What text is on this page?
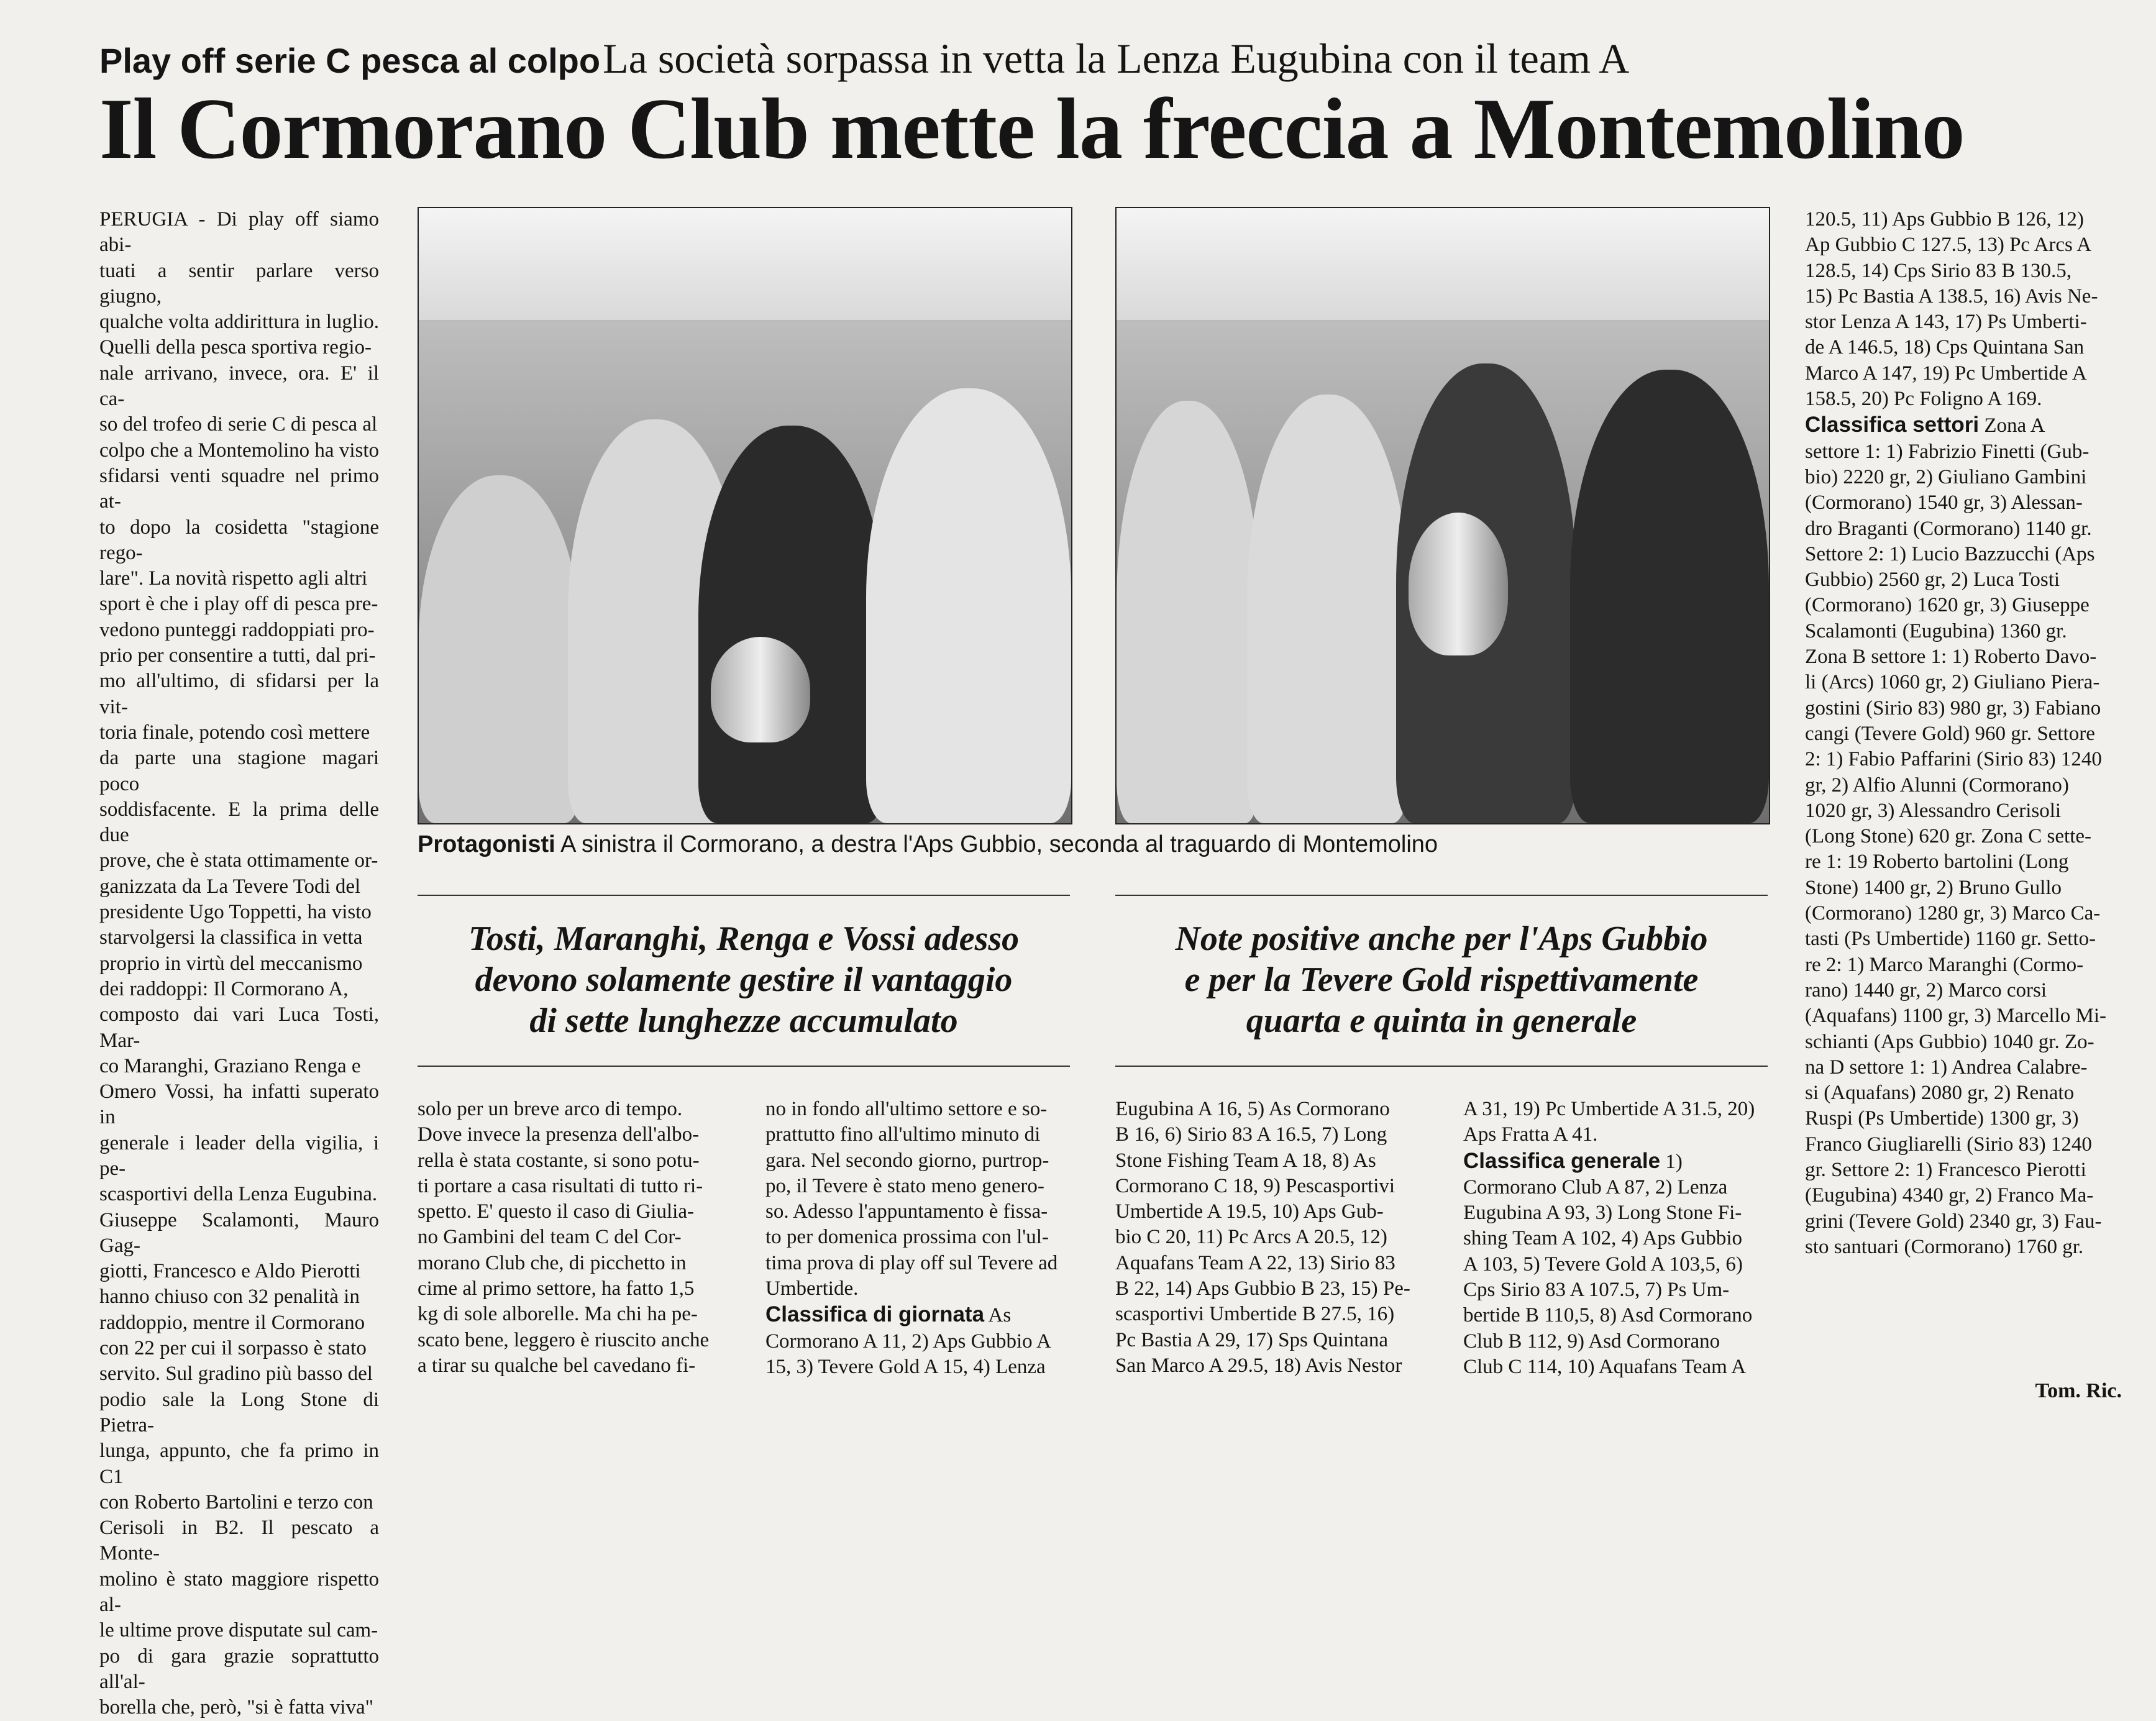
Play off serie C pesca al colpo La società sorpassa in vetta la Lenza Eugubina con il team A
Il Cormorano Club mette la freccia a Montemolino

PERUGIA - Di play off siamo abi-

tuati a sentir parlare verso giugno,

qualche volta addirittura in luglio.

Quelli della pesca sportiva regio-

nale arrivano, invece, ora. E' il ca-

so del trofeo di serie C di pesca al

colpo che a Montemolino ha visto

sfidarsi venti squadre nel primo at-

to dopo la cosidetta "stagione rego-

lare". La novità rispetto agli altri

sport è che i play off di pesca pre-

vedono punteggi raddoppiati pro-

prio per consentire a tutti, dal pri-

mo all'ultimo, di sfidarsi per la vit-

toria finale, potendo così mettere

da parte una stagione magari poco

soddisfacente. E la prima delle due

prove, che è stata ottimamente or-

ganizzata da La Tevere Todi del

presidente Ugo Toppetti, ha visto

starvolgersi la classifica in vetta

proprio in virtù del meccanismo

dei raddoppi: Il Cormorano A,

composto dai vari Luca Tosti, Mar-

co Maranghi, Graziano Renga e

Omero Vossi, ha infatti superato in

generale i leader della vigilia, i pe-

scasportivi della Lenza Eugubina.

Giuseppe Scalamonti, Mauro Gag-

giotti, Francesco e Aldo Pierotti

hanno chiuso con 32 penalità in

raddoppio, mentre il Cormorano

con 22 per cui il sorpasso è stato

servito. Sul gradino più basso del

podio sale la Long Stone di Pietra-

lunga, appunto, che fa primo in C1

con Roberto Bartolini e terzo con

Cerisoli in B2. Il pescato a Monte-

molino è stato maggiore rispetto al-

le ultime prove disputate sul cam-

po di gara grazie soprattutto all'al-

borella che, però, "si è fatta viva"

Protagonisti A sinistra il Cormorano, a destra l'Aps Gubbio, seconda al traguardo di Montemolino
Tosti, Maranghi, Renga e Vossi adesso
devono solamente gestire il vantaggio
di sette lunghezze accumulato
Note positive anche per l'Aps Gubbio
e per la Tevere Gold rispettivamente
quarta e quinta in generale

solo per un breve arco di tempo.

Dove invece la presenza dell'albo-

rella è stata costante, si sono potu-

ti portare a casa risultati di tutto ri-

spetto. E' questo il caso di Giulia-

no Gambini del team C del Cor-

morano Club che, di picchetto in

cime al primo settore, ha fatto 1,5

kg di sole alborelle. Ma chi ha pe-

scato bene, leggero è riuscito anche

a tirar su qualche bel cavedano fi-

no in fondo all'ultimo settore e so-

prattutto fino all'ultimo minuto di

gara. Nel secondo giorno, purtrop-

po, il Tevere è stato meno genero-

so. Adesso l'appuntamento è fissa-

to per domenica prossima con l'ul-

tima prova di play off sul Tevere ad

Umbertide.

Classifica di giornata As

Cormorano A 11, 2) Aps Gubbio A

15, 3) Tevere Gold A 15, 4) Lenza

Eugubina A 16, 5) As Cormorano

B 16, 6) Sirio 83 A 16.5, 7) Long

Stone Fishing Team A 18, 8) As

Cormorano C 18, 9) Pescasportivi

Umbertide A 19.5, 10) Aps Gub-

bio C 20, 11) Pc Arcs A 20.5, 12)

Aquafans Team A 22, 13) Sirio 83

B 22, 14) Aps Gubbio B 23, 15) Pe-

scasportivi Umbertide B 27.5, 16)

Pc Bastia A 29, 17) Sps Quintana

San Marco A 29.5, 18) Avis Nestor

A 31, 19) Pc Umbertide A 31.5, 20)

Aps Fratta A 41.

Classifica generale 1)

Cormorano Club A 87, 2) Lenza

Eugubina A 93, 3) Long Stone Fi-

shing Team A 102, 4) Aps Gubbio

A 103, 5) Tevere Gold A 103,5, 6)

Cps Sirio 83 A 107.5, 7) Ps Um-

bertide B 110,5, 8) Asd Cormorano

Club B 112, 9) Asd Cormorano

Club C 114, 10) Aquafans Team A

120.5, 11) Aps Gubbio B 126, 12)

Ap Gubbio C 127.5, 13) Pc Arcs A

128.5, 14) Cps Sirio 83 B 130.5,

15) Pc Bastia A 138.5, 16) Avis Ne-

stor Lenza A 143, 17) Ps Umberti-

de A 146.5, 18) Cps Quintana San

Marco A 147, 19) Pc Umbertide A

158.5, 20) Pc Foligno A 169.

Classifica settori Zona A

settore 1: 1) Fabrizio Finetti (Gub-

bio) 2220 gr, 2) Giuliano Gambini

(Cormorano) 1540 gr, 3) Alessan-

dro Braganti (Cormorano) 1140 gr.

Settore 2: 1) Lucio Bazzucchi (Aps

Gubbio) 2560 gr, 2) Luca Tosti

(Cormorano) 1620 gr, 3) Giuseppe

Scalamonti (Eugubina) 1360 gr.

Zona B settore 1: 1) Roberto Davo-

li (Arcs) 1060 gr, 2) Giuliano Piera-

gostini (Sirio 83) 980 gr, 3) Fabiano

cangi (Tevere Gold) 960 gr. Settore

2: 1) Fabio Paffarini (Sirio 83) 1240

gr, 2) Alfio Alunni (Cormorano)

1020 gr, 3) Alessandro Cerisoli

(Long Stone) 620 gr. Zona C sette-

re 1: 19 Roberto bartolini (Long

Stone) 1400 gr, 2) Bruno Gullo

(Cormorano) 1280 gr, 3) Marco Ca-

tasti (Ps Umbertide) 1160 gr. Setto-

re 2: 1) Marco Maranghi (Cormo-

rano) 1440 gr, 2) Marco corsi

(Aquafans) 1100 gr, 3) Marcello Mi-

schianti (Aps Gubbio) 1040 gr. Zo-

na D settore 1: 1) Andrea Calabre-

si (Aquafans) 2080 gr, 2) Renato

Ruspi (Ps Umbertide) 1300 gr, 3)

Franco Giugliarelli (Sirio 83) 1240

gr. Settore 2: 1) Francesco Pierotti

(Eugubina) 4340 gr, 2) Franco Ma-

grini (Tevere Gold) 2340 gr, 3) Fau-

sto santuari (Cormorano) 1760 gr.

Tom. Ric.
